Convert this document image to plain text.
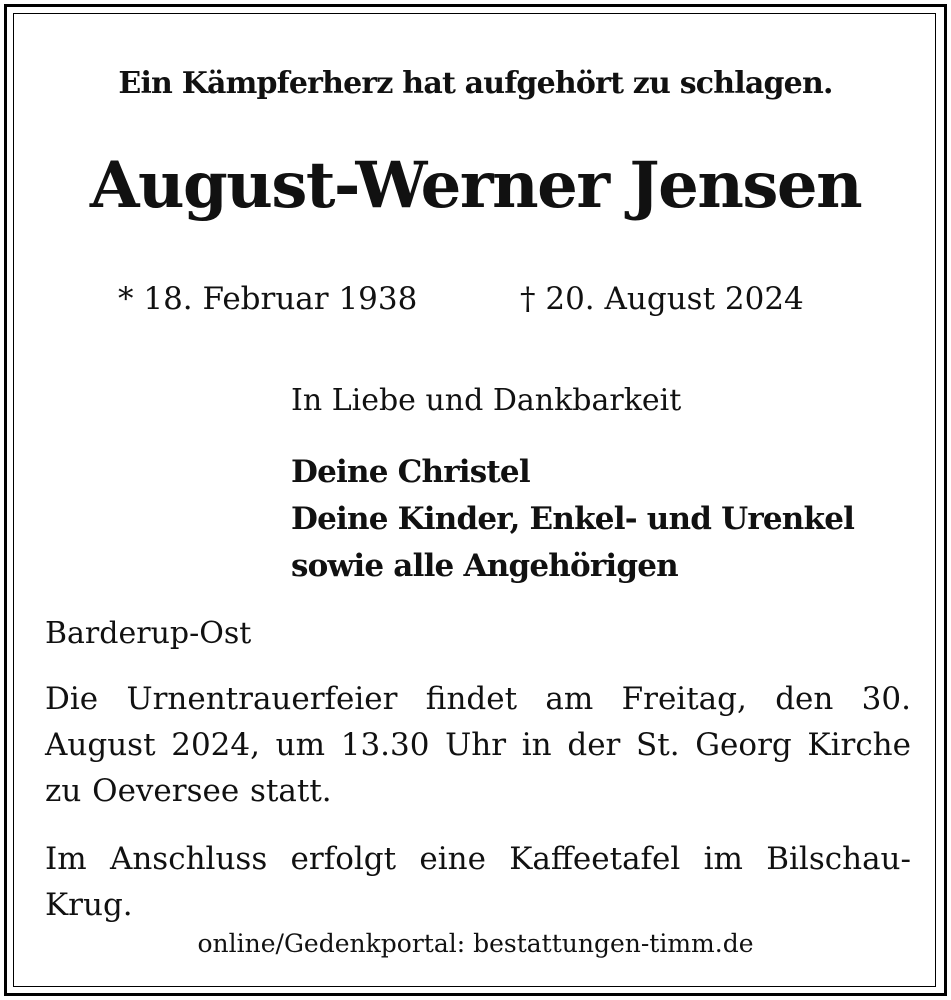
Ein Kämpferherz hat aufgehört zu schlagen.

August-Werner Jensen

* 18. Februar 1938	† 20. August 2024

In Liebe und Dankbarkeit

Deine Christel
Deine Kinder, Enkel- und Urenkel
sowie alle Angehörigen

Barderup-Ost

Die Urnentrauerfeier findet am Freitag, den 30. August 2024, um 13.30 Uhr in der St. Georg Kirche zu Oeversee statt.

Im Anschluss erfolgt eine Kaffeetafel im Bilschau-Krug.

online/Gedenkportal: bestattungen-timm.de
